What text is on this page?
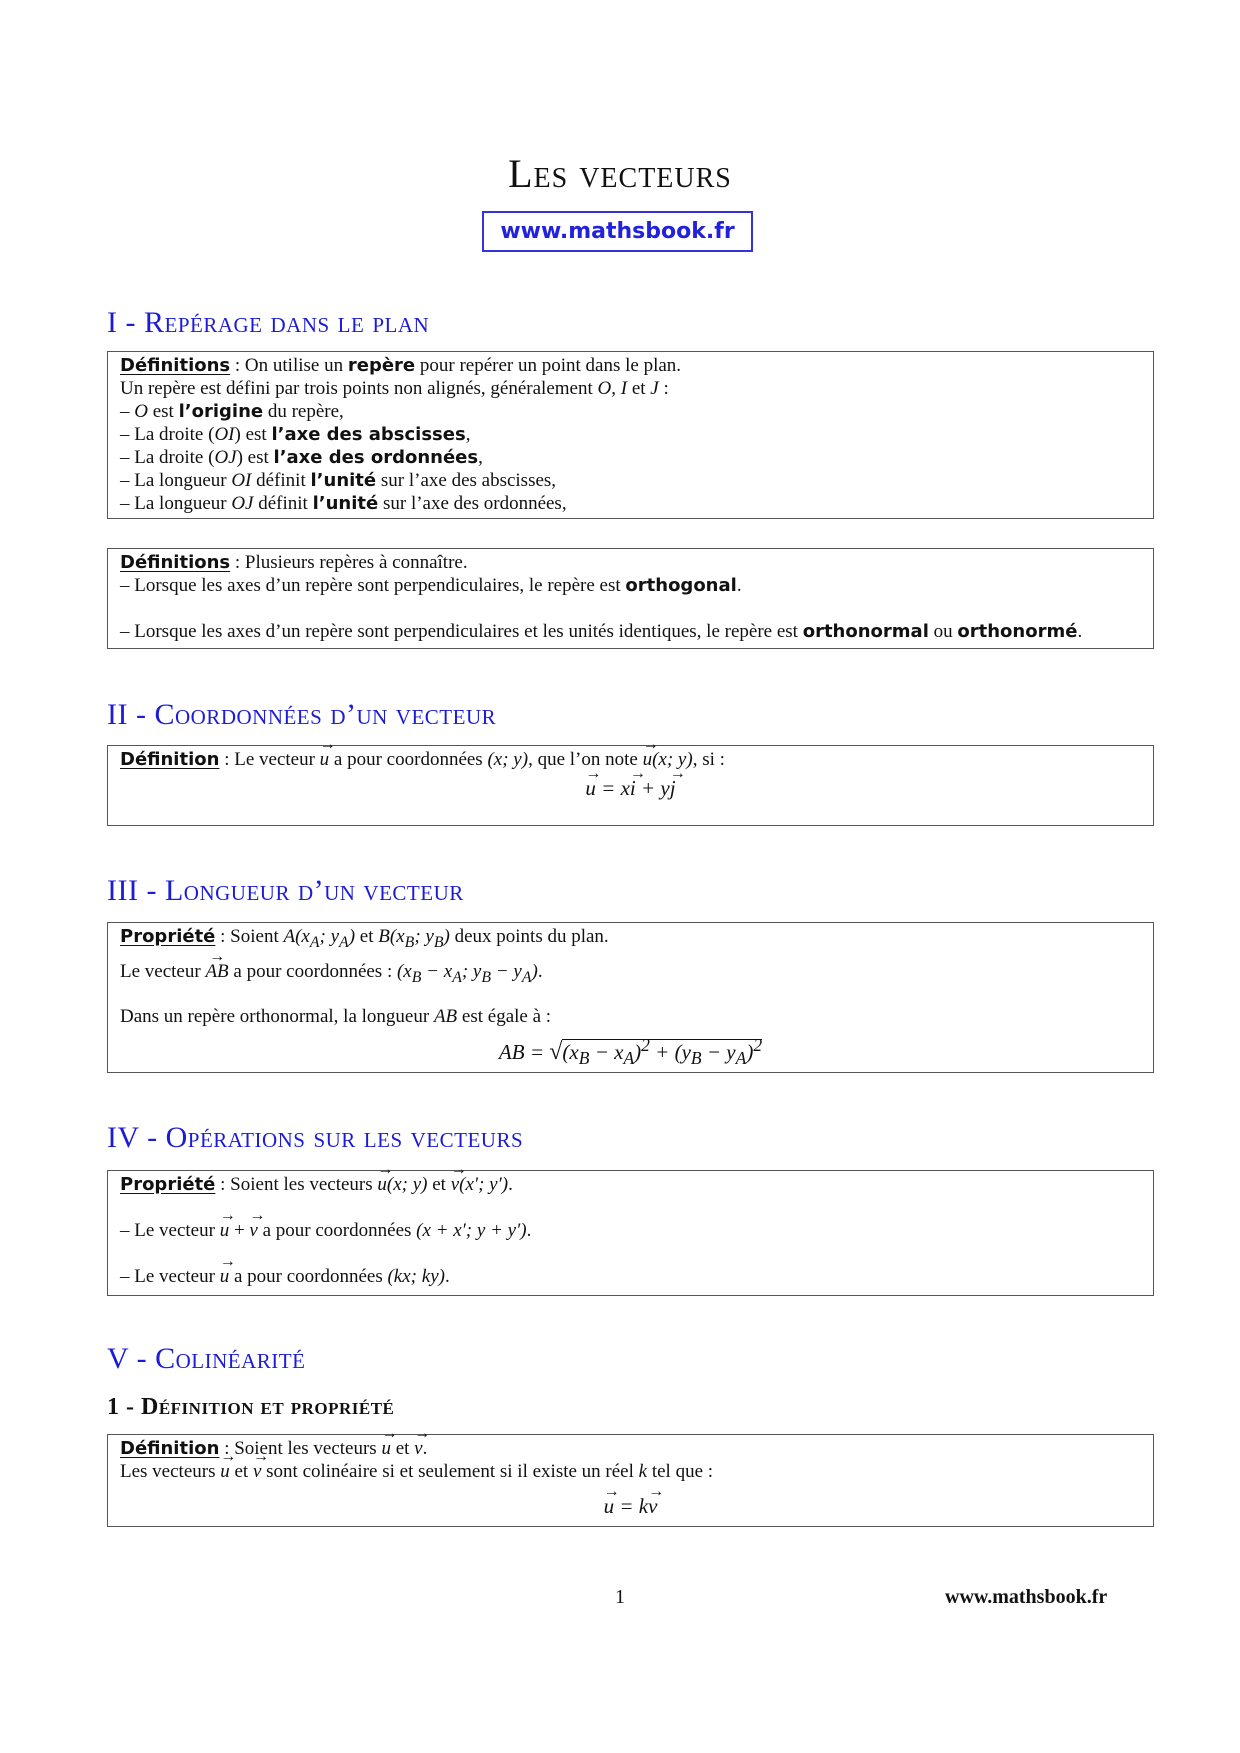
Les vecteurs
www.mathsbook.fr
I - Repérage dans le plan

Définitions : On utilise un repère pour repérer un point dans le plan.

Un repère est défini par trois points non alignés, généralement O, I et J :

– O est l’origine du repère,

– La droite (OI) est l’axe des abscisses,

– La droite (OJ) est l’axe des ordonnées,

– La longueur OI définit l’unité sur l’axe des abscisses,

– La longueur OJ définit l’unité sur l’axe des ordonnées,

Définitions : Plusieurs repères à connaître.

– Lorsque les axes d’un repère sont perpendiculaires, le repère est orthogonal.

– Lorsque les axes d’un repère sont perpendiculaires et les unités identiques, le repère est orthonormal ou orthonormé.

II - Coordonnées d’un vecteur

Définition : Le vecteur → u a pour coordonnées (x; y), que l’on note → u(x; y), si :

→ u = x→ i + y→ j

III - Longueur d’un vecteur

Propriété : Soient $A(x_A$; $y_A$) et $B(x_B$; $y_B$) deux points du plan.

Le vecteur → AB a pour coordonnées : ($x_B - x_A$; $y_B - y_A$).

Dans un repère orthonormal, la longueur AB est égale à :

AB = $√(x_B - x_A)^2 + (y_B - y_A)^2$

IV - Opérations sur les vecteurs

Propriété : Soient les vecteurs → u(x; y) et → v(x′; y′).

– Le vecteur → u + → v a pour coordonnées (x + x′; y + y′).

– Le vecteur → u a pour coordonnées (kx; ky).

V - Colinéarité
1 - Définition et propriété

Définition : Soient les vecteurs → u et → v.

Les vecteurs → u et → v sont colinéaire si et seulement si il existe un réel k tel que :

→ u = k→ v

1	www.mathsbook.fr
